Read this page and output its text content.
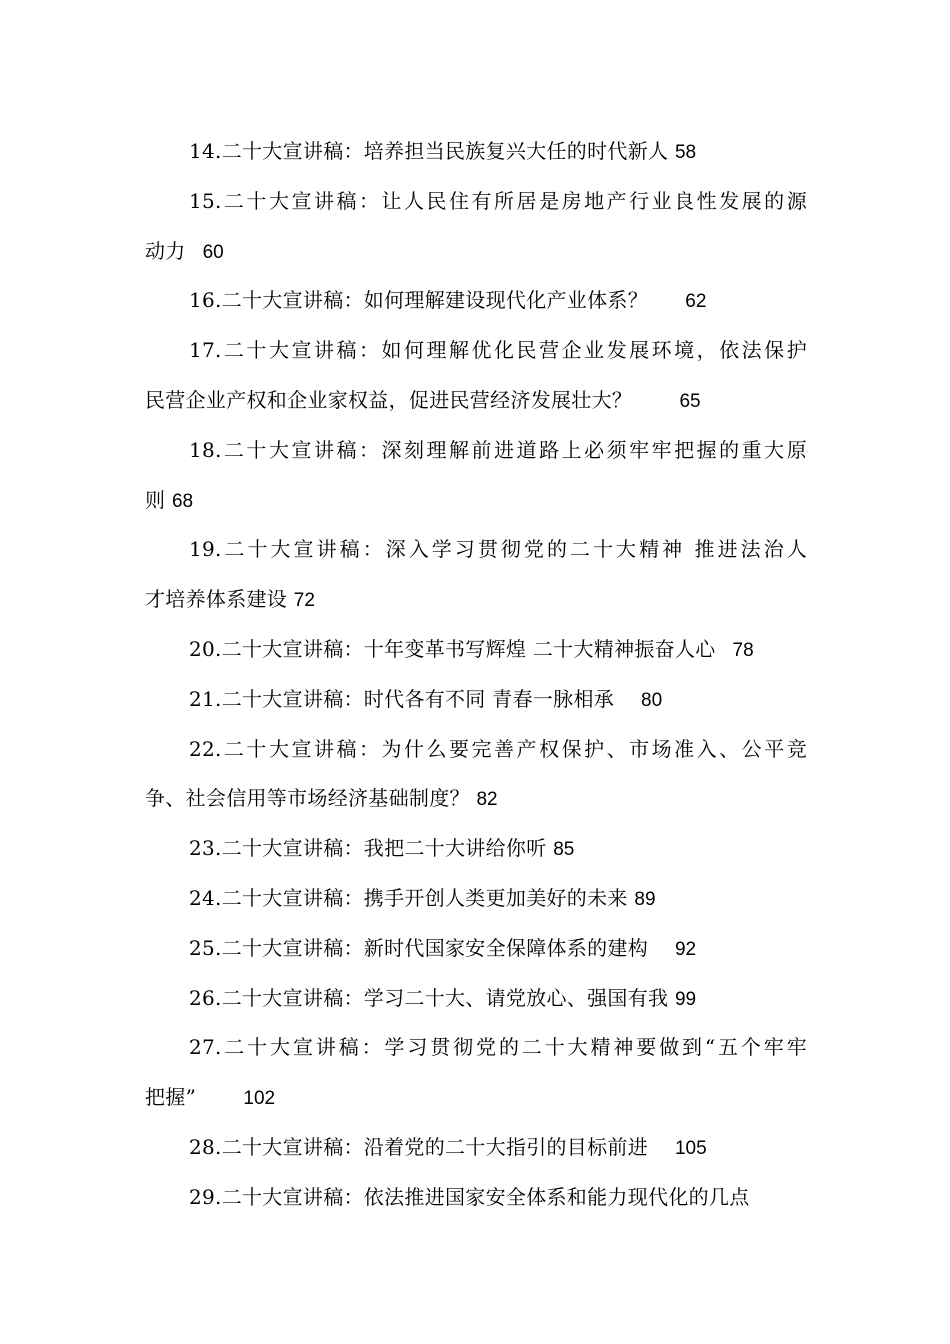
14.二十大宣讲稿：培养担当民族复兴大任的时代新人 58
15.二十大宣讲稿：让人民住有所居是房地产行业良性发展的源
动力  60
16.二十大宣讲稿：如何理解建设现代化产业体系？   62
17.二十大宣讲稿：如何理解优化民营企业发展环境，依法保护
民营企业产权和企业家权益，促进民营经济发展壮大？   65
18.二十大宣讲稿：深刻理解前进道路上必须牢牢把握的重大原
则 68
19.二十大宣讲稿：深入学习贯彻党的二十大精神 推进法治人
才培养体系建设 72
20.二十大宣讲稿：十年变革书写辉煌 二十大精神振奋人心  78
21.二十大宣讲稿：时代各有不同 青春一脉相承  80
22.二十大宣讲稿：为什么要完善产权保护、市场准入、公平竞
争、社会信用等市场经济基础制度？ 82
23.二十大宣讲稿：我把二十大讲给你听 85
24.二十大宣讲稿：携手开创人类更加美好的未来 89
25.二十大宣讲稿：新时代国家安全保障体系的建构  92
26.二十大宣讲稿：学习二十大、请党放心、强国有我 99
27.二十大宣讲稿：学习贯彻党的二十大精神要做到“五个牢牢
把握”   102
28.二十大宣讲稿：沿着党的二十大指引的目标前进  105
29.二十大宣讲稿：依法推进国家安全体系和能力现代化的几点
